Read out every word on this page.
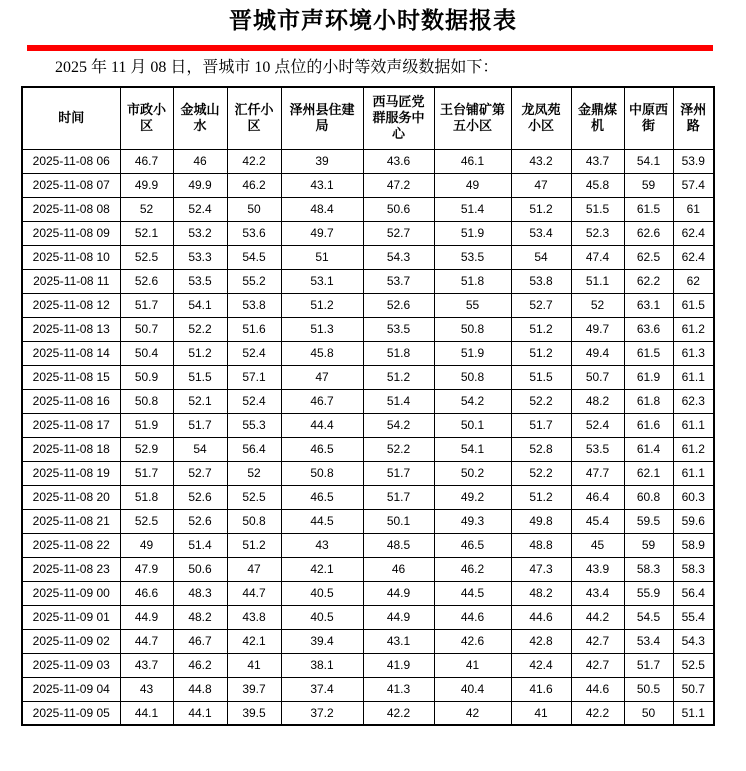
晋城市声环境小时数据报表

2025 年 11 月 08 日，晋城市 10 点位的小时等效声级数据如下：

时间	市政小区	金城山水	汇仟小区	泽州县住建局	西马匠党群服务中心	王台铺矿第五小区	龙凤苑小区	金鼎煤机	中原西街	泽州路
2025-11-08 06	46.7	46	42.2	39	43.6	46.1	43.2	43.7	54.1	53.9
2025-11-08 07	49.9	49.9	46.2	43.1	47.2	49	47	45.8	59	57.4
2025-11-08 08	52	52.4	50	48.4	50.6	51.4	51.2	51.5	61.5	61
2025-11-08 09	52.1	53.2	53.6	49.7	52.7	51.9	53.4	52.3	62.6	62.4
2025-11-08 10	52.5	53.3	54.5	51	54.3	53.5	54	47.4	62.5	62.4
2025-11-08 11	52.6	53.5	55.2	53.1	53.7	51.8	53.8	51.1	62.2	62
2025-11-08 12	51.7	54.1	53.8	51.2	52.6	55	52.7	52	63.1	61.5
2025-11-08 13	50.7	52.2	51.6	51.3	53.5	50.8	51.2	49.7	63.6	61.2
2025-11-08 14	50.4	51.2	52.4	45.8	51.8	51.9	51.2	49.4	61.5	61.3
2025-11-08 15	50.9	51.5	57.1	47	51.2	50.8	51.5	50.7	61.9	61.1
2025-11-08 16	50.8	52.1	52.4	46.7	51.4	54.2	52.2	48.2	61.8	62.3
2025-11-08 17	51.9	51.7	55.3	44.4	54.2	50.1	51.7	52.4	61.6	61.1
2025-11-08 18	52.9	54	56.4	46.5	52.2	54.1	52.8	53.5	61.4	61.2
2025-11-08 19	51.7	52.7	52	50.8	51.7	50.2	52.2	47.7	62.1	61.1
2025-11-08 20	51.8	52.6	52.5	46.5	51.7	49.2	51.2	46.4	60.8	60.3
2025-11-08 21	52.5	52.6	50.8	44.5	50.1	49.3	49.8	45.4	59.5	59.6
2025-11-08 22	49	51.4	51.2	43	48.5	46.5	48.8	45	59	58.9
2025-11-08 23	47.9	50.6	47	42.1	46	46.2	47.3	43.9	58.3	58.3
2025-11-09 00	46.6	48.3	44.7	40.5	44.9	44.5	48.2	43.4	55.9	56.4
2025-11-09 01	44.9	48.2	43.8	40.5	44.9	44.6	44.6	44.2	54.5	55.4
2025-11-09 02	44.7	46.7	42.1	39.4	43.1	42.6	42.8	42.7	53.4	54.3
2025-11-09 03	43.7	46.2	41	38.1	41.9	41	42.4	42.7	51.7	52.5
2025-11-09 04	43	44.8	39.7	37.4	41.3	40.4	41.6	44.6	50.5	50.7
2025-11-09 05	44.1	44.1	39.5	37.2	42.2	42	41	42.2	50	51.1
